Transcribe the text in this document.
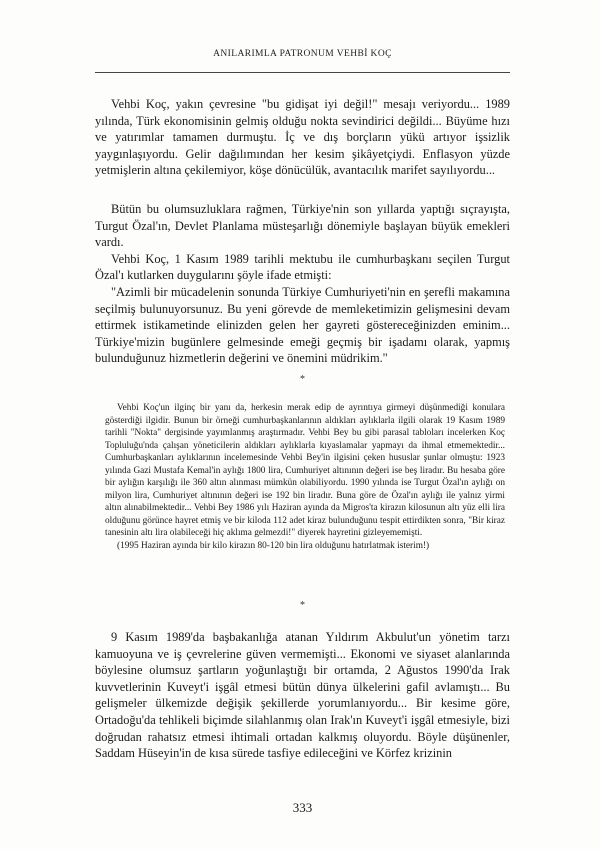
ANILARIMLA PATRONUM VEHBİ KOÇ

Vehbi Koç, yakın çevresine "bu gidişat iyi değil!" mesajı veriyordu... 1989 yılında, Türk ekonomisinin gelmiş olduğu nokta sevindirici değildi... Büyüme hızı ve yatırımlar tamamen durmuştu. İç ve dış borçların yükü artıyor işsizlik yaygınlaşıyordu. Gelir dağılımından her kesim şikâyetçiydi. Enflasyon yüzde yetmişlerin altına çekilemiyor, köşe dönücülük, avantacılık marifet sayılıyordu...

Bütün bu olumsuzluklara rağmen, Türkiye'nin son yıllarda yaptığı sıçrayışta, Turgut Özal'ın, Devlet Planlama müsteşarlığı dönemiyle başlayan büyük emekleri vardı.

Vehbi Koç, 1 Kasım 1989 tarihli mektubu ile cumhurbaşkanı seçilen Turgut Özal'ı kutlarken duygularını şöyle ifade etmişti:

"Azimli bir mücadelenin sonunda Türkiye Cumhuriyeti'nin en şerefli makamına seçilmiş bulunuyorsunuz. Bu yeni görevde de memleketimizin gelişmesini devam ettirmek istikametinde elinizden gelen her gayreti göstereceğinizden eminim... Türkiye'mizin bugünlere gelmesinde emeği geçmiş bir işadamı olarak, yapmış bulunduğunuz hizmetlerin değerini ve önemini müdrikim."

*

Vehbi Koç'un ilginç bir yanı da, herkesin merak edip de ayrıntıya girmeyi düşünmediği konulara gösterdiği ilgidir. Bunun bir örneği cumhurbaşkanlarının aldıkları aylıklarla ilgili olarak 19 Kasım 1989 tarihli "Nokta" dergisinde yayımlanmış araştırmadır. Vehbi Bey bu gibi parasal tabloları incelerken Koç Topluluğu'nda çalışan yöneticilerin aldıkları aylıklarla kıyaslamalar yapmayı da ihmal etmemektedir... Cumhurbaşkanları aylıklarının incelemesinde Vehbi Bey'in ilgisini çeken hususlar şunlar olmuştu: 1923 yılında Gazi Mustafa Kemal'in aylığı 1800 lira, Cumhuriyet altınının değeri ise beş liradır. Bu hesaba göre bir aylığın karşılığı ile 360 altın alınması mümkün olabiliyordu. 1990 yılında ise Turgut Özal'ın aylığı on milyon lira, Cumhuriyet altınının değeri ise 192 bin liradır. Buna göre de Özal'ın aylığı ile yalnız yirmi altın alınabilmektedir... Vehbi Bey 1986 yılı Haziran ayında da Migros'ta kirazın kilosunun altı yüz elli lira olduğunu görünce hayret etmiş ve bir kiloda 112 adet kiraz bulunduğunu tespit ettirdikten sonra, "Bir kiraz tanesinin altı lira olabileceği hiç aklıma gelmezdi!" diyerek hayretini gizleyememişti.

(1995 Haziran ayında bir kilo kirazın 80-120 bin lira olduğunu hatırlatmak isterim!)

*

9 Kasım 1989'da başbakanlığa atanan Yıldırım Akbulut'un yönetim tarzı kamuoyuna ve iş çevrelerine güven vermemişti... Ekonomi ve siyaset alanlarında böylesine olumsuz şartların yoğunlaştığı bir ortamda, 2 Ağustos 1990'da Irak kuvvetlerinin Kuveyt'i işgâl etmesi bütün dünya ülkelerini gafil avlamıştı... Bu gelişmeler ülkemizde değişik şekillerde yorumlanıyordu... Bir kesime göre, Ortadoğu'da tehlikeli biçimde silahlanmış olan Irak'ın Kuveyt'i işgâl etmesiyle, bizi doğrudan rahatsız etmesi ihtimali ortadan kalkmış oluyordu. Böyle düşünenler, Saddam Hüseyin'in de kısa sürede tasfiye edileceğini ve Körfez krizinin

333
